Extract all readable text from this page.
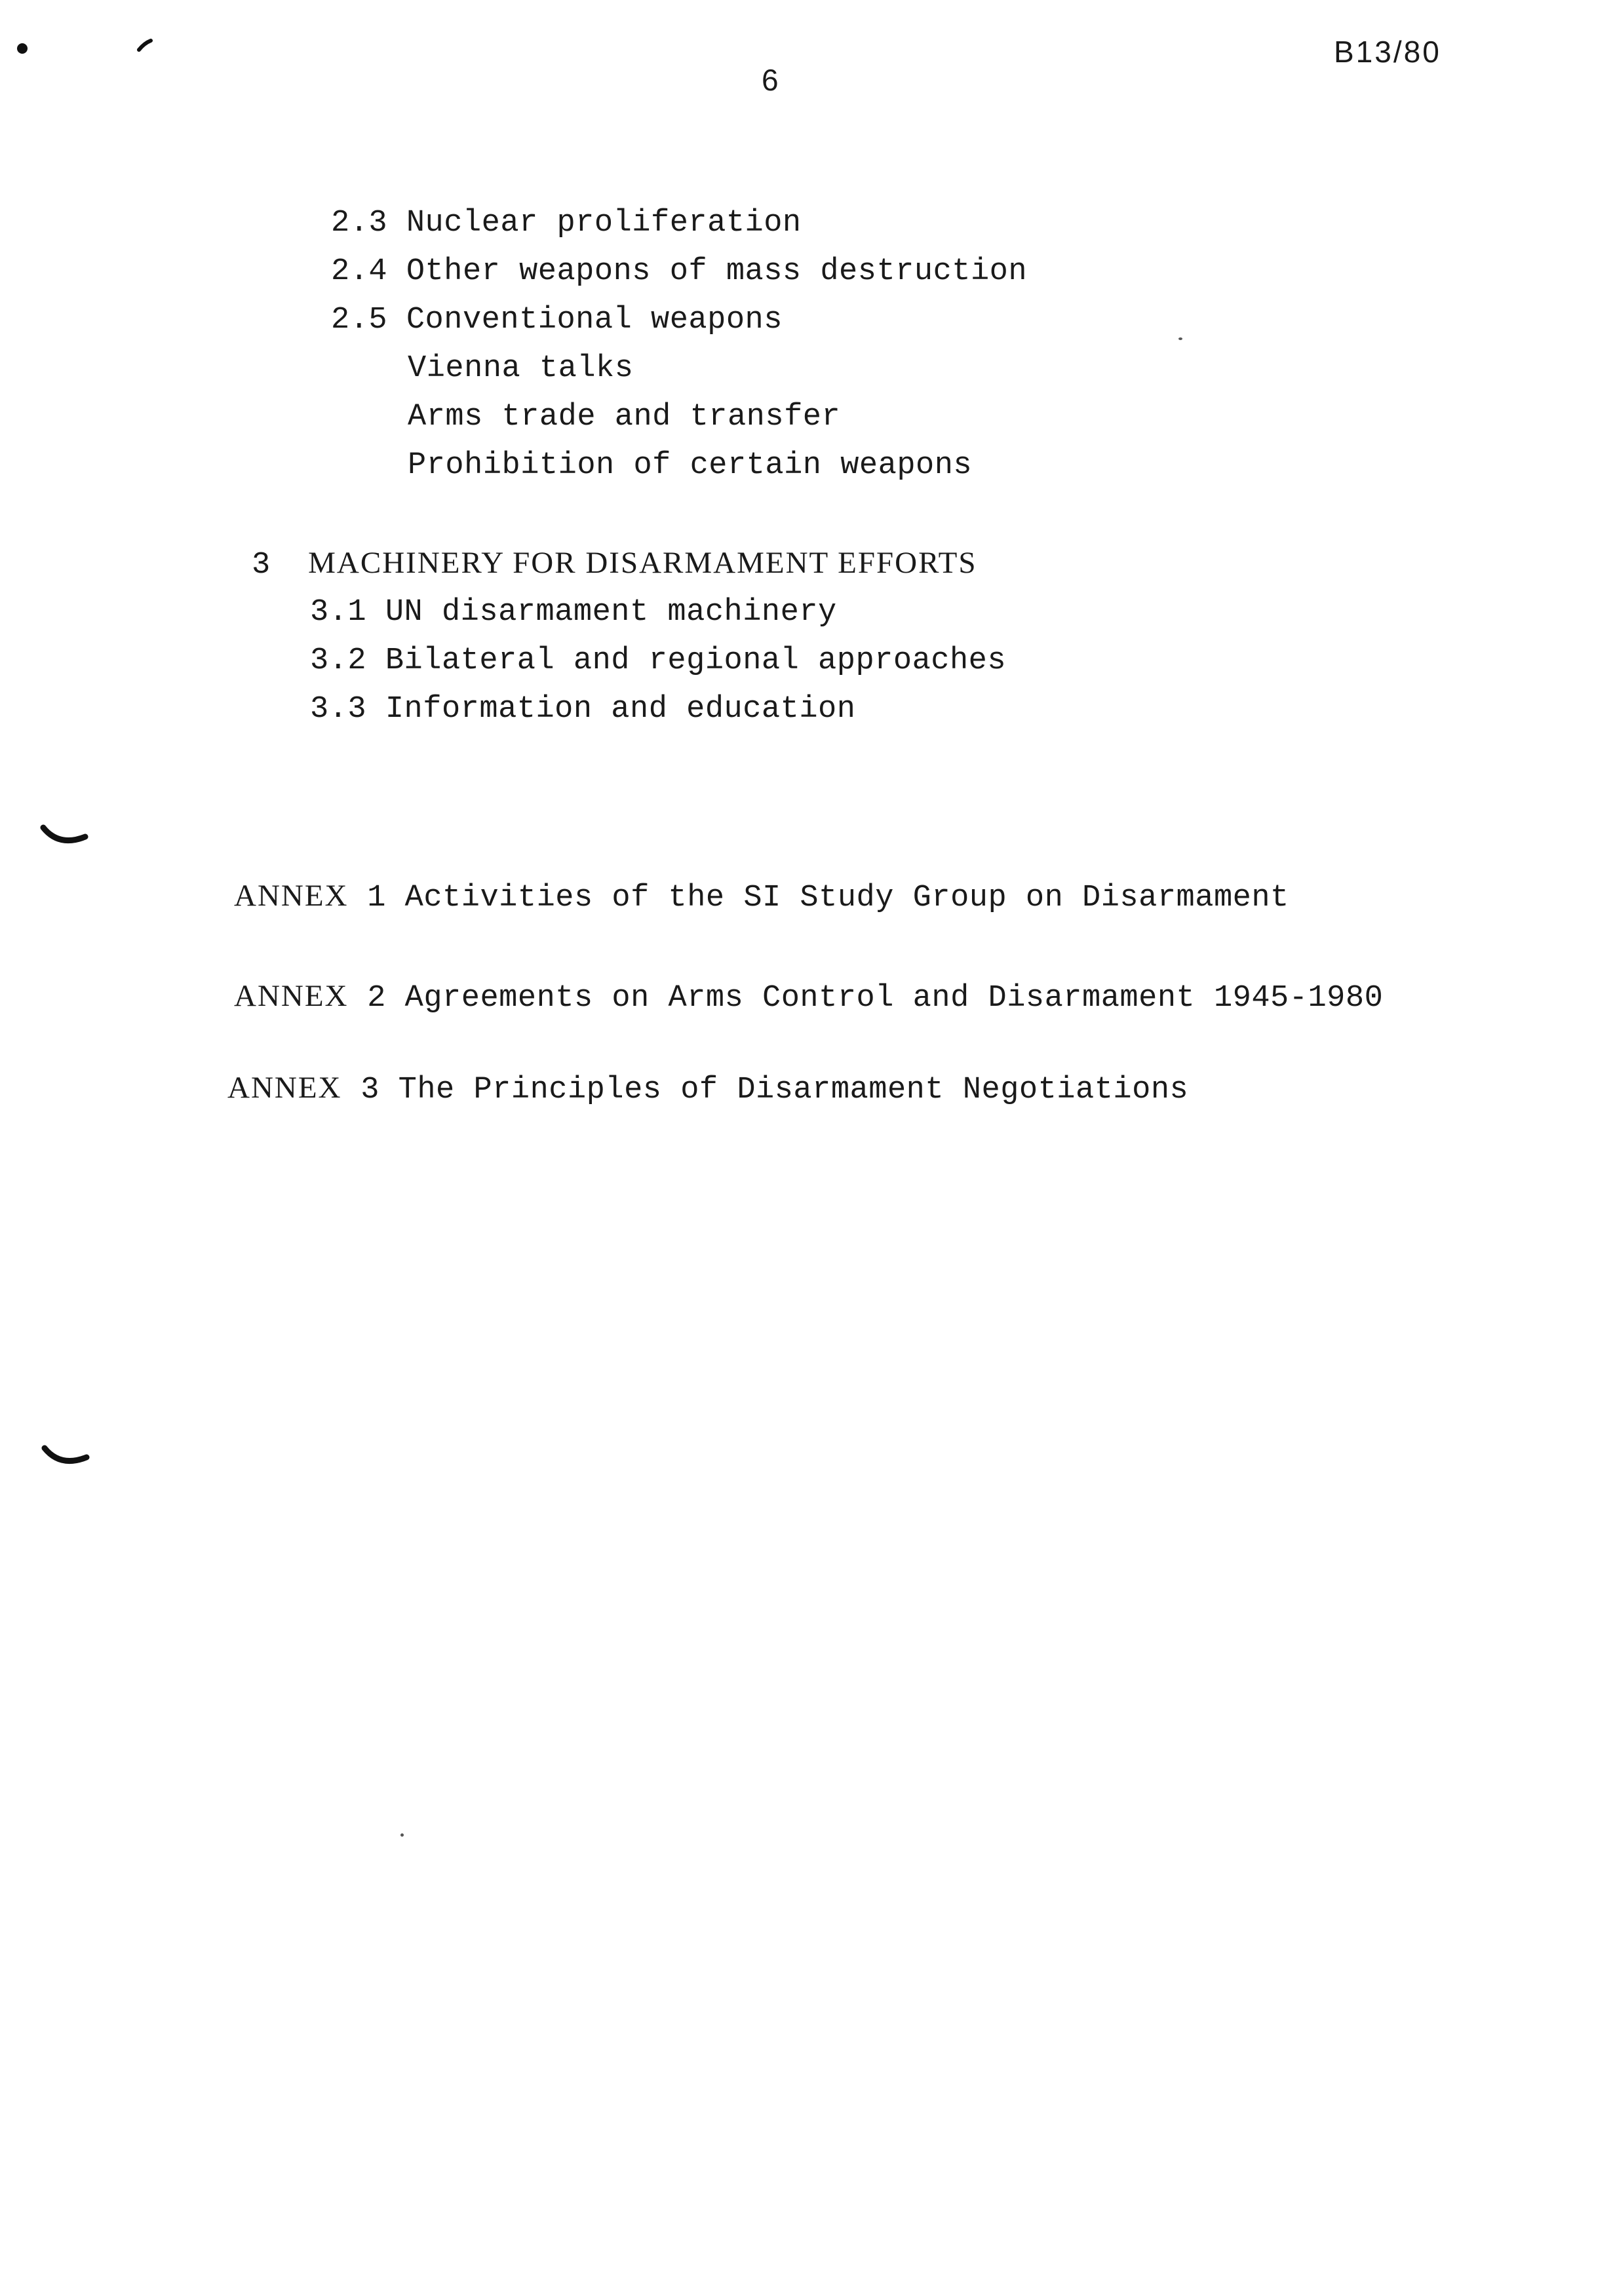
6
B13/80
2.3 Nuclear proliferation
2.4 Other weapons of mass destruction
2.5 Conventional weapons
Vienna talks
Arms trade and transfer
Prohibition of certain weapons
3 MACHINERY FOR DISARMAMENT EFFORTS
3.1 UN disarmament machinery
3.2 Bilateral and regional approaches
3.3 Information and education
ANNEX 1 Activities of the SI Study Group on Disarmament
ANNEX 2 Agreements on Arms Control and Disarmament 1945-1980
ANNEX 3 The Principles of Disarmament Negotiations
